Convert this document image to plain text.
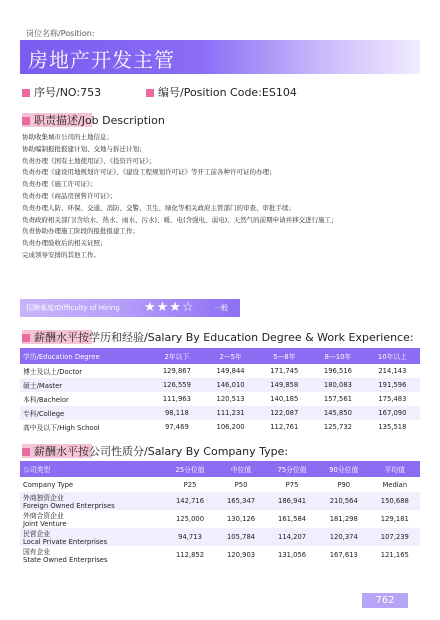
岗位名称/Position:
房地产开发主管
序号/NO:753	编号/Position Code:ES104
职责描述/Job Description
协助收集城市公司的土地信息；
协助编制报批报建计划、交地与拆迁计划；
负责办理《国有土地使用证》、《投资许可证》；
负责办理《建设用地规划许可证》、《建设工程规划许可证》等开工前各种许可证的办理；
负责办理《施工许可证》；
负责办理《商品房预售许可证》；
负责办理人防、环保、交通、消防、交警、卫生、绿化等相关政府主管部门的审查、审批手续；
负责政府相关部门(含给水、热水、雨水、污水)、暖、电(含强电、弱电)、天然气的前期申请并移交进行施工；
负责协助办理施工阶段的报批报建工作；
负责办理验收后的相关证照；
完成领导安排的其他工作。
招聘难度/Difficulty of Hiring ★★★☆	一般
薪酬水平按学历和经验/Salary By Education Degree & Work Experience:
学历/Education Degree	2年以下	2—5年	5—8年	8—10年	10年以上
博士及以上/Doctor	129,867	149,844	171,745	196,516	214,143
硕士/Master	126,559	146,010	149,858	180,083	191,596
本科/Bachelor	111,963	120,513	140,185	157,561	175,483
专科/College	98,118	111,231	122,087	145,850	167,090
高中及以下/High School	97,469	106,200	112,761	125,732	135,518
薪酬水平按公司性质分/Salary By Company Type:
公司类型	25分位值	中位值	75分位值	90分位值	平均值

Company Type	P25	P50	P75	P90	Median

外商独资企业
Foreign Owned Enterprises	142,716	165,347	186,941	210,564	150,688

外商合资企业
Joint Venture	125,000	130,126	161,584	181,298	129,181

民营企业
Local Private Enterprises	94,713	105,784	114,207	120,374	107,239

国有企业
State Owned Enterprises	112,852	120,903	131,056	167,613	121,165
762
